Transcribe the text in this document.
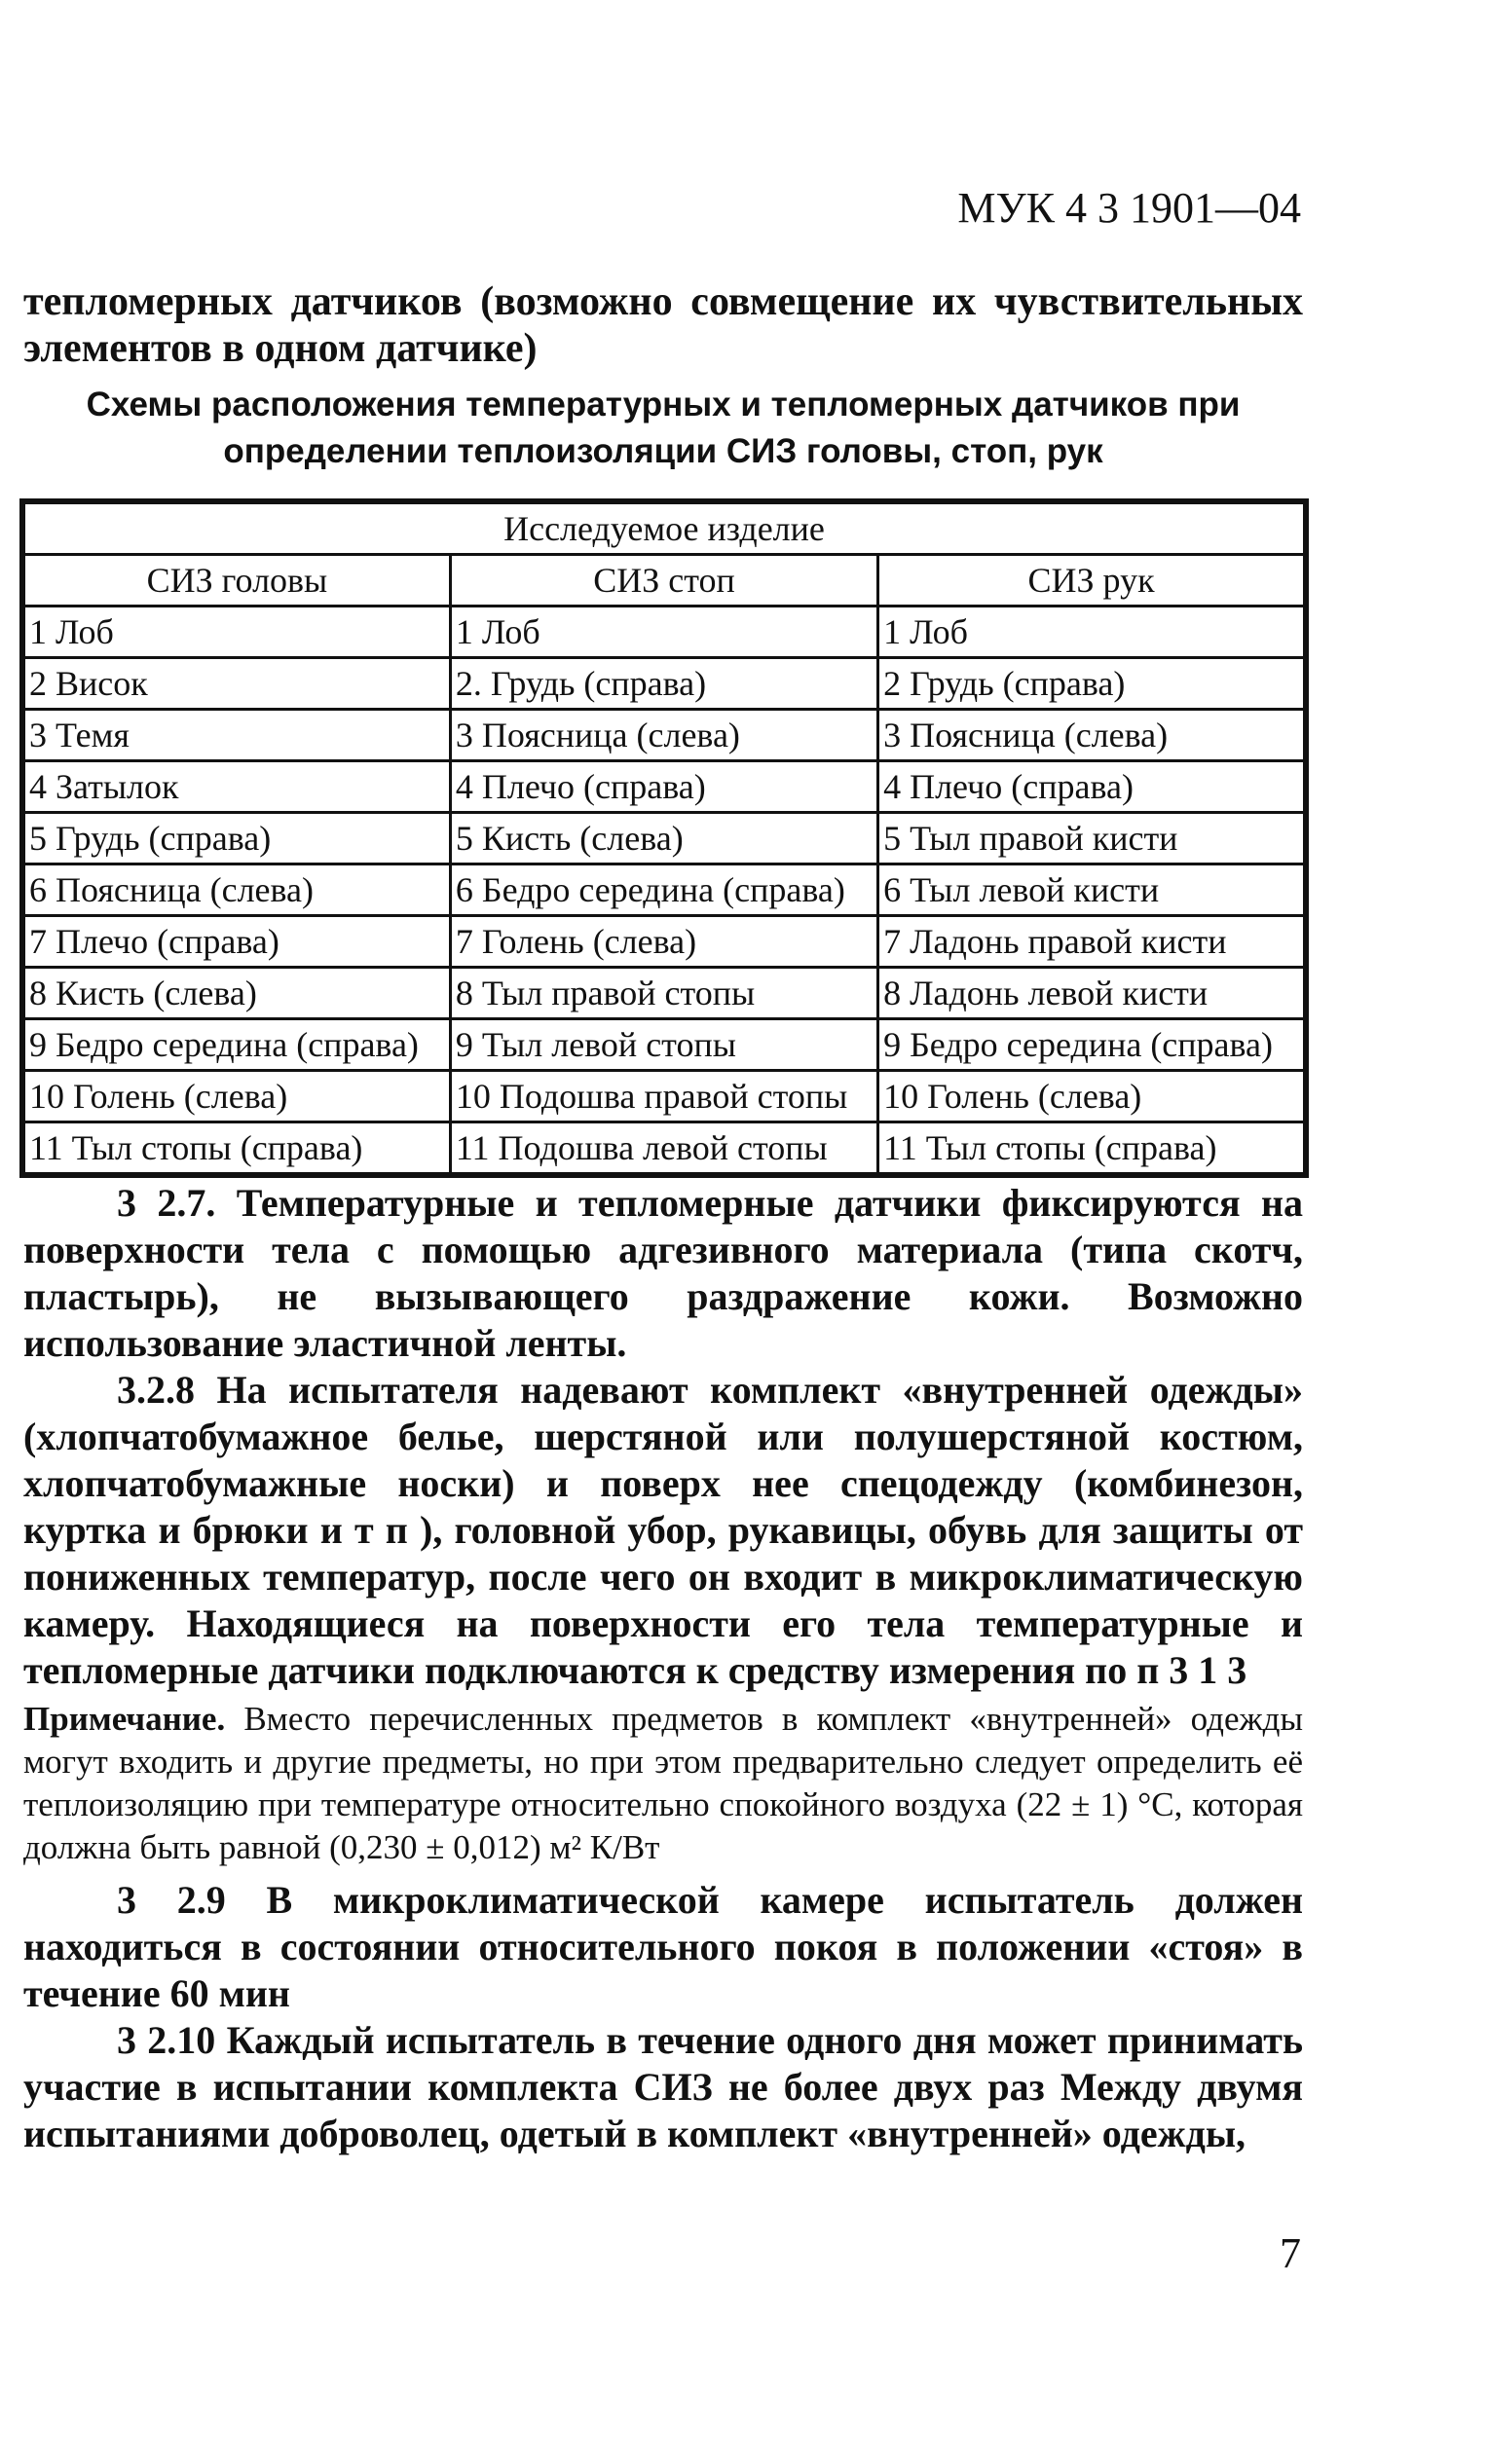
МУК 4 3 1901—04
тепломерных датчиков (возможно совмещение их чувствительных элементов в одном датчике)
Схемы расположения температурных и тепломерных датчиков при определении теплоизоляции СИЗ головы, стоп, рук
Исследуемое изделие		
СИЗ головы	СИЗ стоп	СИЗ рук
1 Лоб	1 Лоб	1 Лоб
2 Висок	2. Грудь (справа)	2 Грудь (справа)
3 Темя	3 Поясница (слева)	3 Поясница (слева)
4 Затылок	4 Плечо (справа)	4 Плечо (справа)
5 Грудь (справа)	5 Кисть (слева)	5 Тыл правой кисти
6 Поясница (слева)	6 Бедро середина (справа)	6 Тыл левой кисти
7 Плечо (справа)	7 Голень (слева)	7 Ладонь правой кисти
8 Кисть (слева)	8 Тыл правой стопы	8 Ладонь левой кисти
9 Бедро середина (справа)	9 Тыл левой стопы	9 Бедро середина (справа)
10 Голень (слева)	10 Подошва правой стопы	10 Голень (слева)
11 Тыл стопы (справа)	11 Подошва левой стопы	11 Тыл стопы (справа)

3 2.7. Температурные и тепломерные датчики фиксируются на поверхности тела с помощью адгезивного материала (типа скотч, пластырь), не вызывающего раздражение кожи. Возможно использование эластичной ленты.

3.2.8 На испытателя надевают комплект «внутренней одежды» (хлопчатобумажное белье, шерстяной или полушерстяной костюм, хлопчатобумажные носки) и поверх нее спецодежду (комбинезон, куртка и брюки и т п ), головной убор, рукавицы, обувь для защиты от пониженных температур, после чего он входит в микроклиматическую камеру. Находящиеся на поверхности его тела температурные и тепломерные датчики подключаются к средству измерения по п 3 1 3

Примечание. Вместо перечисленных предметов в комплект «внутренней» одежды могут входить и другие предметы, но при этом предварительно следует определить её теплоизоляцию при температуре относительно спокойного воздуха (22 ± 1) °С, которая должна быть равной (0,230 ± 0,012) м² К/Вт

3 2.9 В микроклиматической камере испытатель должен находиться в состоянии относительного покоя в положении «стоя» в течение 60 мин

3 2.10 Каждый испытатель в течение одного дня может принимать участие в испытании комплекта СИЗ не более двух раз Между двумя испытаниями доброволец, одетый в комплект «внутренней» одежды,

7
